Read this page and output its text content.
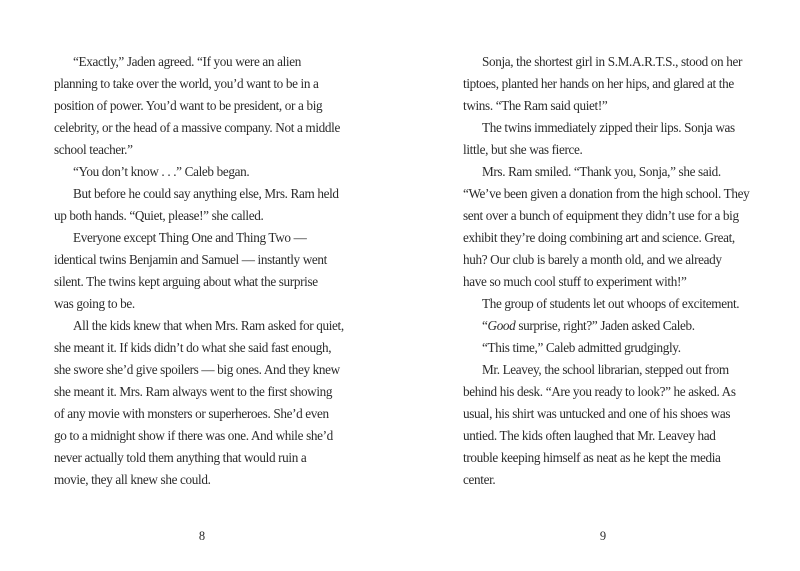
“Exactly,” Jaden agreed. “If you were an alien
planning to take over the world, you’d want to be in a
position of power. You’d want to be president, or a big
celebrity, or the head of a massive company. Not a middle
school teacher.”
“You don’t know . . .” Caleb began.
But before he could say anything else, Mrs. Ram held
up both hands. “Quiet, please!” she called.
Everyone except Thing One and Thing Two —
identical twins Benjamin and Samuel — instantly went
silent. The twins kept arguing about what the surprise
was going to be.
All the kids knew that when Mrs. Ram asked for quiet,
she meant it. If kids didn’t do what she said fast enough,
she swore she’d give spoilers — big ones. And they knew
she meant it. Mrs. Ram always went to the first showing
of any movie with monsters or superheroes. She’d even
go to a midnight show if there was one. And while she’d
never actually told them anything that would ruin a
movie, they all knew she could.
8
Sonja, the shortest girl in S.M.A.R.T.S., stood on her
tiptoes, planted her hands on her hips, and glared at the
twins. “The Ram said quiet!”
The twins immediately zipped their lips. Sonja was
little, but she was fierce.
Mrs. Ram smiled. “Thank you, Sonja,” she said.
“We’ve been given a donation from the high school. They
sent over a bunch of equipment they didn’t use for a big
exhibit they’re doing combining art and science. Great,
huh? Our club is barely a month old, and we already
have so much cool stuff to experiment with!”
The group of students let out whoops of excitement.
“Good surprise, right?” Jaden asked Caleb.
“This time,” Caleb admitted grudgingly.
Mr. Leavey, the school librarian, stepped out from
behind his desk. “Are you ready to look?” he asked. As
usual, his shirt was untucked and one of his shoes was
untied. The kids often laughed that Mr. Leavey had
trouble keeping himself as neat as he kept the media
center.
9
